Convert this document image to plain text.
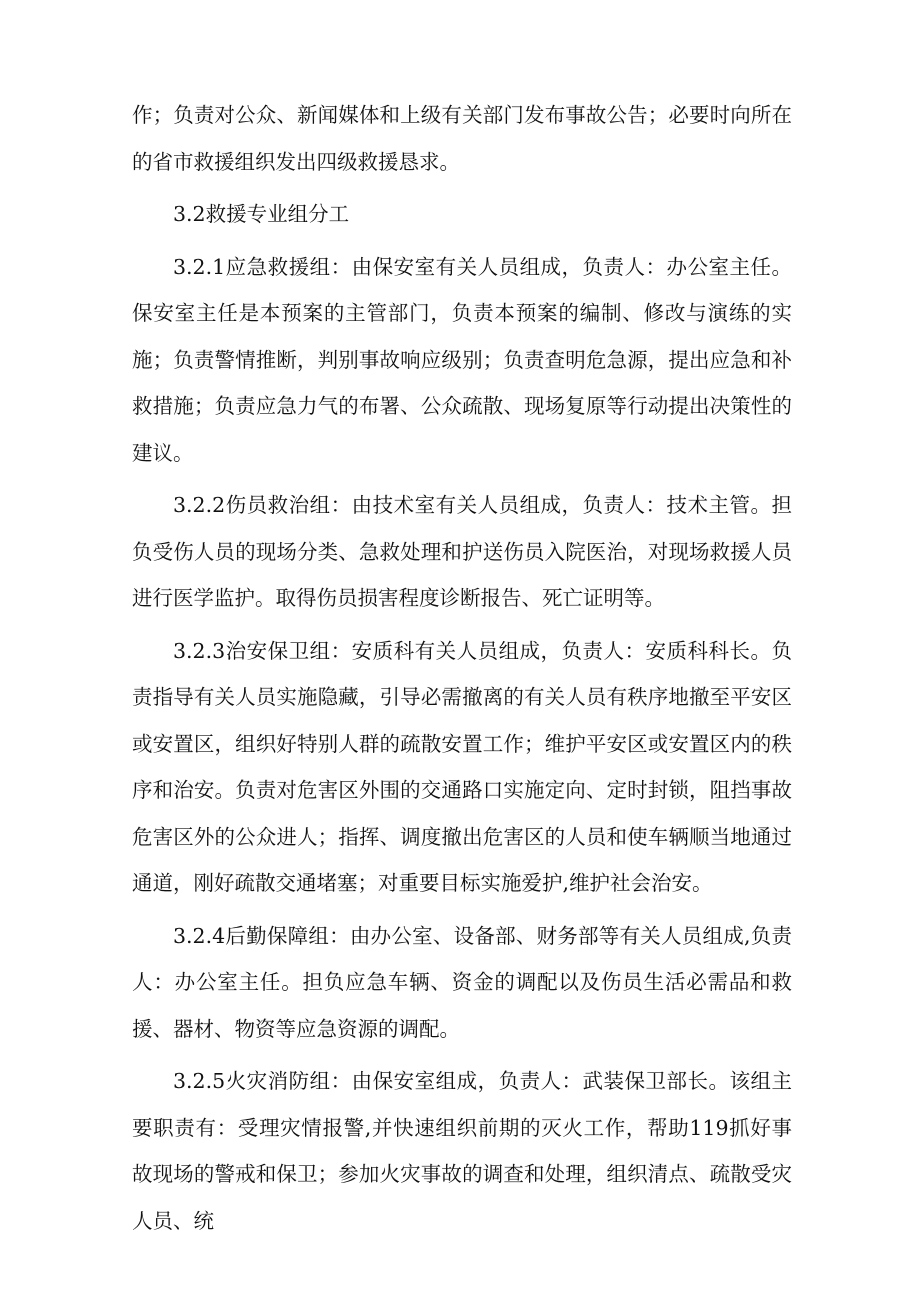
作；负责对公众、新闻媒体和上级有关部门发布事故公告；必要时向所在的省市救援组织发出四级救援恳求。

3.2救援专业组分工

3.2.1应急救援组：由保安室有关人员组成，负责人：办公室主任。保安室主任是本预案的主管部门，负责本预案的编制、修改与演练的实施；负责警情推断，判别事故响应级别；负责查明危急源，提出应急和补救措施；负责应急力气的布署、公众疏散、现场复原等行动提出决策性的建议。

3.2.2伤员救治组：由技术室有关人员组成，负责人：技术主管。担负受伤人员的现场分类、急救处理和护送伤员入院医治，对现场救援人员进行医学监护。取得伤员损害程度诊断报告、死亡证明等。

3.2.3治安保卫组：安质科有关人员组成，负责人：安质科科长。负责指导有关人员实施隐藏，引导必需撤离的有关人员有秩序地撤至平安区或安置区，组织好特别人群的疏散安置工作；维护平安区或安置区内的秩序和治安。负责对危害区外围的交通路口实施定向、定时封锁，阻挡事故危害区外的公众进人；指挥、调度撤出危害区的人员和使车辆顺当地通过通道，刚好疏散交通堵塞；对重要目标实施爱护,维护社会治安。

3.2.4后勤保障组：由办公室、设备部、财务部等有关人员组成,负责人：办公室主任。担负应急车辆、资金的调配以及伤员生活必需品和救援、器材、物资等应急资源的调配。

3.2.5火灾消防组：由保安室组成，负责人：武装保卫部长。该组主要职责有：受理灾情报警,并快速组织前期的灭火工作，帮助119抓好事故现场的警戒和保卫；参加火灾事故的调查和处理，组织清点、疏散受灾人员、统
